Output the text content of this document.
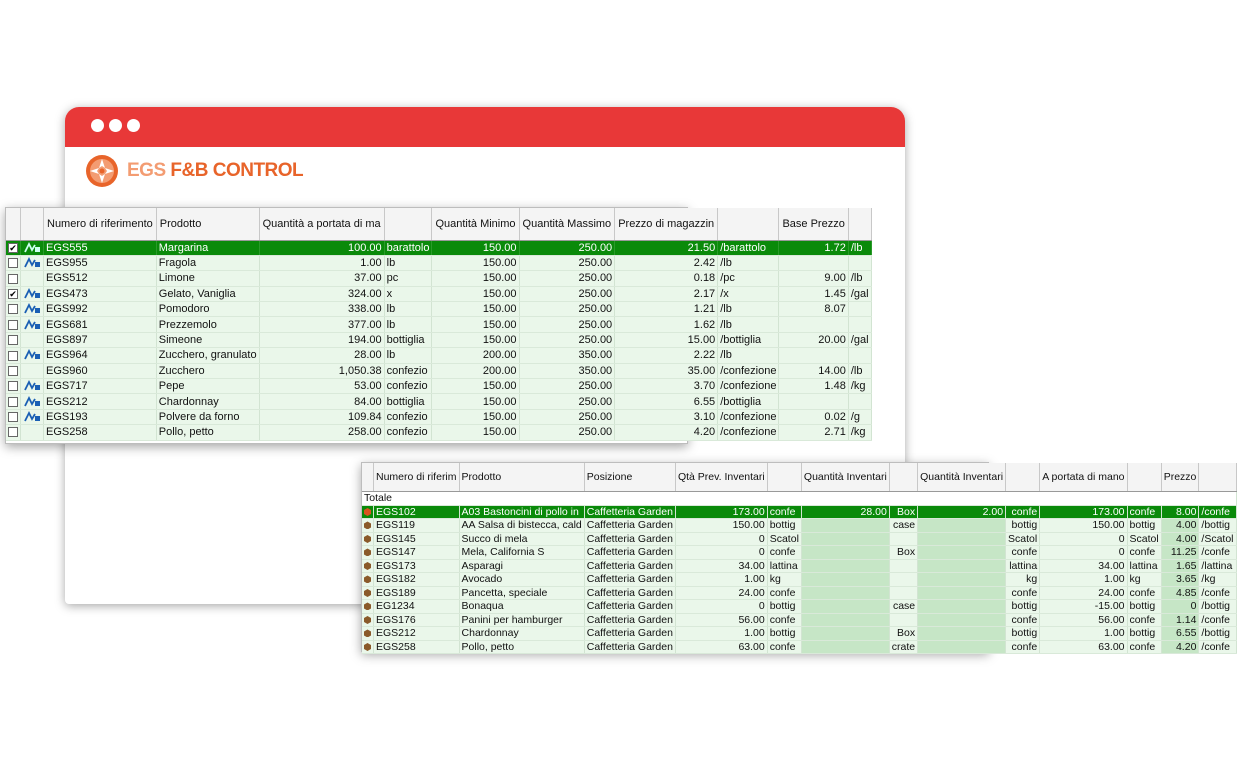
EGS F&B CONTROL
		Numero di riferimento	Prodotto	Quantità a portata di ma		Quantità Minimo	Quantità Massimo	Prezzo di magazzin		Base Prezzo	
✔		EGS555	Margarina	100.00	barattolo	150.00	250.00	21.50	/barattolo	1.72	/lb
		EGS955	Fragola	1.00	lb	150.00	250.00	2.42	/lb		
		EGS512	Limone	37.00	pc	150.00	250.00	0.18	/pc	9.00	/lb
✔		EGS473	Gelato, Vaniglia	324.00	x	150.00	250.00	2.17	/x	1.45	/gal
		EGS992	Pomodoro	338.00	lb	150.00	250.00	1.21	/lb	8.07	
		EGS681	Prezzemolo	377.00	lb	150.00	250.00	1.62	/lb		
		EGS897	Simeone	194.00	bottiglia	150.00	250.00	15.00	/bottiglia	20.00	/gal
		EGS964	Zucchero, granulato	28.00	lb	200.00	350.00	2.22	/lb		
		EGS960	Zucchero	1,050.38	confezio	200.00	350.00	35.00	/confezione	14.00	/lb
		EGS717	Pepe	53.00	confezio	150.00	250.00	3.70	/confezione	1.48	/kg
		EGS212	Chardonnay	84.00	bottiglia	150.00	250.00	6.55	/bottiglia		
		EGS193	Polvere da forno	109.84	confezio	150.00	250.00	3.10	/confezione	0.02	/g
		EGS258	Pollo, petto	258.00	confezio	150.00	250.00	4.20	/confezione	2.71	/kg
	Numero di riferim	Prodotto	Posizione	Qtà Prev. Inventari		Quantità Inventari		Quantità Inventari		A portata di mano		Prezzo	
Totale													
	EGS102	A03 Bastoncini di pollo in	Caffetteria Garden	173.00	confe	28.00	Box	2.00	confe	173.00	confe	8.00	/confe
	EGS119	AA Salsa di bistecca, cald	Caffetteria Garden	150.00	bottig		case		bottig	150.00	bottig	4.00	/bottig
	EGS145	Succo di mela	Caffetteria Garden	0	Scatol				Scatol	0	Scatol	4.00	/Scatol
	EGS147	Mela, California S	Caffetteria Garden	0	confe		Box		confe	0	confe	11.25	/confe
	EGS173	Asparagi	Caffetteria Garden	34.00	lattina				lattina	34.00	lattina	1.65	/lattina
	EGS182	Avocado	Caffetteria Garden	1.00	kg				kg	1.00	kg	3.65	/kg
	EGS189	Pancetta, speciale	Caffetteria Garden	24.00	confe				confe	24.00	confe	4.85	/confe
	EG1234	Bonaqua	Caffetteria Garden	0	bottig		case		bottig	-15.00	bottig	0	/bottig
	EGS176	Panini per hamburger	Caffetteria Garden	56.00	confe				confe	56.00	confe	1.14	/confe
	EGS212	Chardonnay	Caffetteria Garden	1.00	bottig		Box		bottig	1.00	bottig	6.55	/bottig
	EGS258	Pollo, petto	Caffetteria Garden	63.00	confe		crate		confe	63.00	confe	4.20	/confe
